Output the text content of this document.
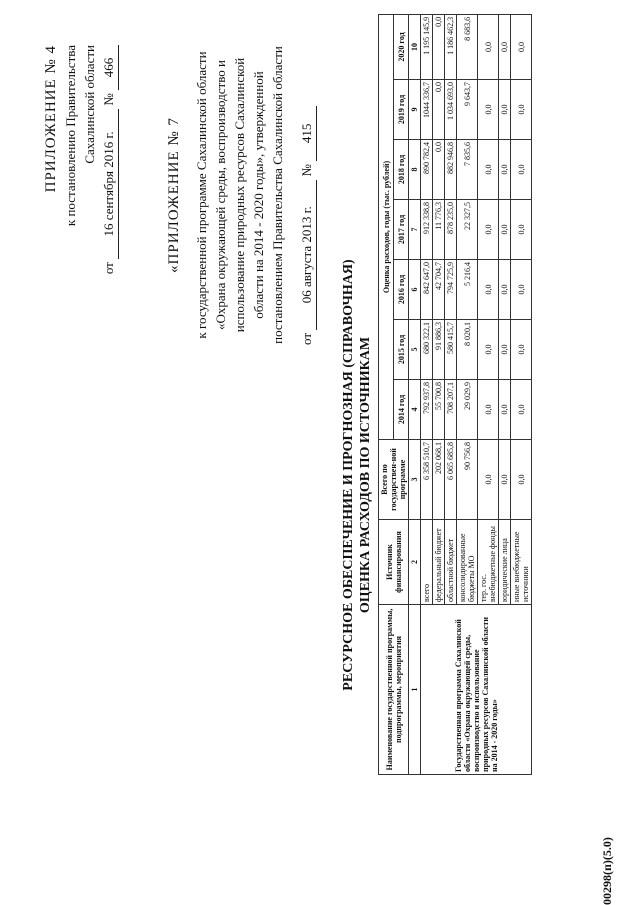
ПРИЛОЖЕНИЕ № 4 к постановлению Правительства Сахалинской области
от 16 сентября 2016 г. № 466
«ПРИЛОЖЕНИЕ № 7 к государственной программе Сахалинской области «Охрана окружающей среды, воспроизводство и использование природных ресурсов Сахалинской области на 2014 - 2020 годы», утвержденной постановлением Правительства Сахалинской области от 06 августа 2013 г. № 415
РЕСУРСНОЕ ОБЕСПЕЧЕНИЕ И ПРОГНОЗНАЯ (СПРАВОЧНАЯ) ОЦЕНКА РАСХОДОВ ПО ИСТОЧНИКАМ
Наименование государственной программы, подпрограммы, мероприятия	Источник финансирования	Всего по государствен-ной программе	Оценка расходов, годы (тыс. рублей)						
			2014 год	2015 год	2016 год	2017 год	2018 год	2019 год	2020 год
1	2	3	4	5	6	7	8	9	10
Государственная программа Сахалинской области «Охрана окружающей среды, воспроизводство и использование природных ресурсов Сахалинской области на 2014 - 2020 годы»	всего	6 358 510,7	792 937,8	680 322,1	842 647,0	912 338,8	890 782,4	1044 336,7	1 195 145,9
	федеральный бюджет	202 068,1	55 700,8	91 886,3	42 704,7	11 776,3	0,0	0,0	0,0
	областной бюджет	6 065 685,8	708 207,1	580 415,7	794 725,9	878 235,0	882 946,8	1 034 693,0	1 186 462,3
	консолидированные бюджеты МО	90 756,8	29 029,9	8 020,1	5 216,4	22 327,5	7 835,6	9 643,7	8 683,6
	тер. гос. внебюджетные фонды	0,0	0,0	0,0	0,0	0,0	0,0	0,0	0,0
	юридические лица	0,0	0,0	0,0	0,0	0,0	0,0	0,0	0,0
	иные внебюджетные источники	0,0	0,0	0,0	0,0	0,0	0,0	0,0	0,0
00298(п)(5.0)
